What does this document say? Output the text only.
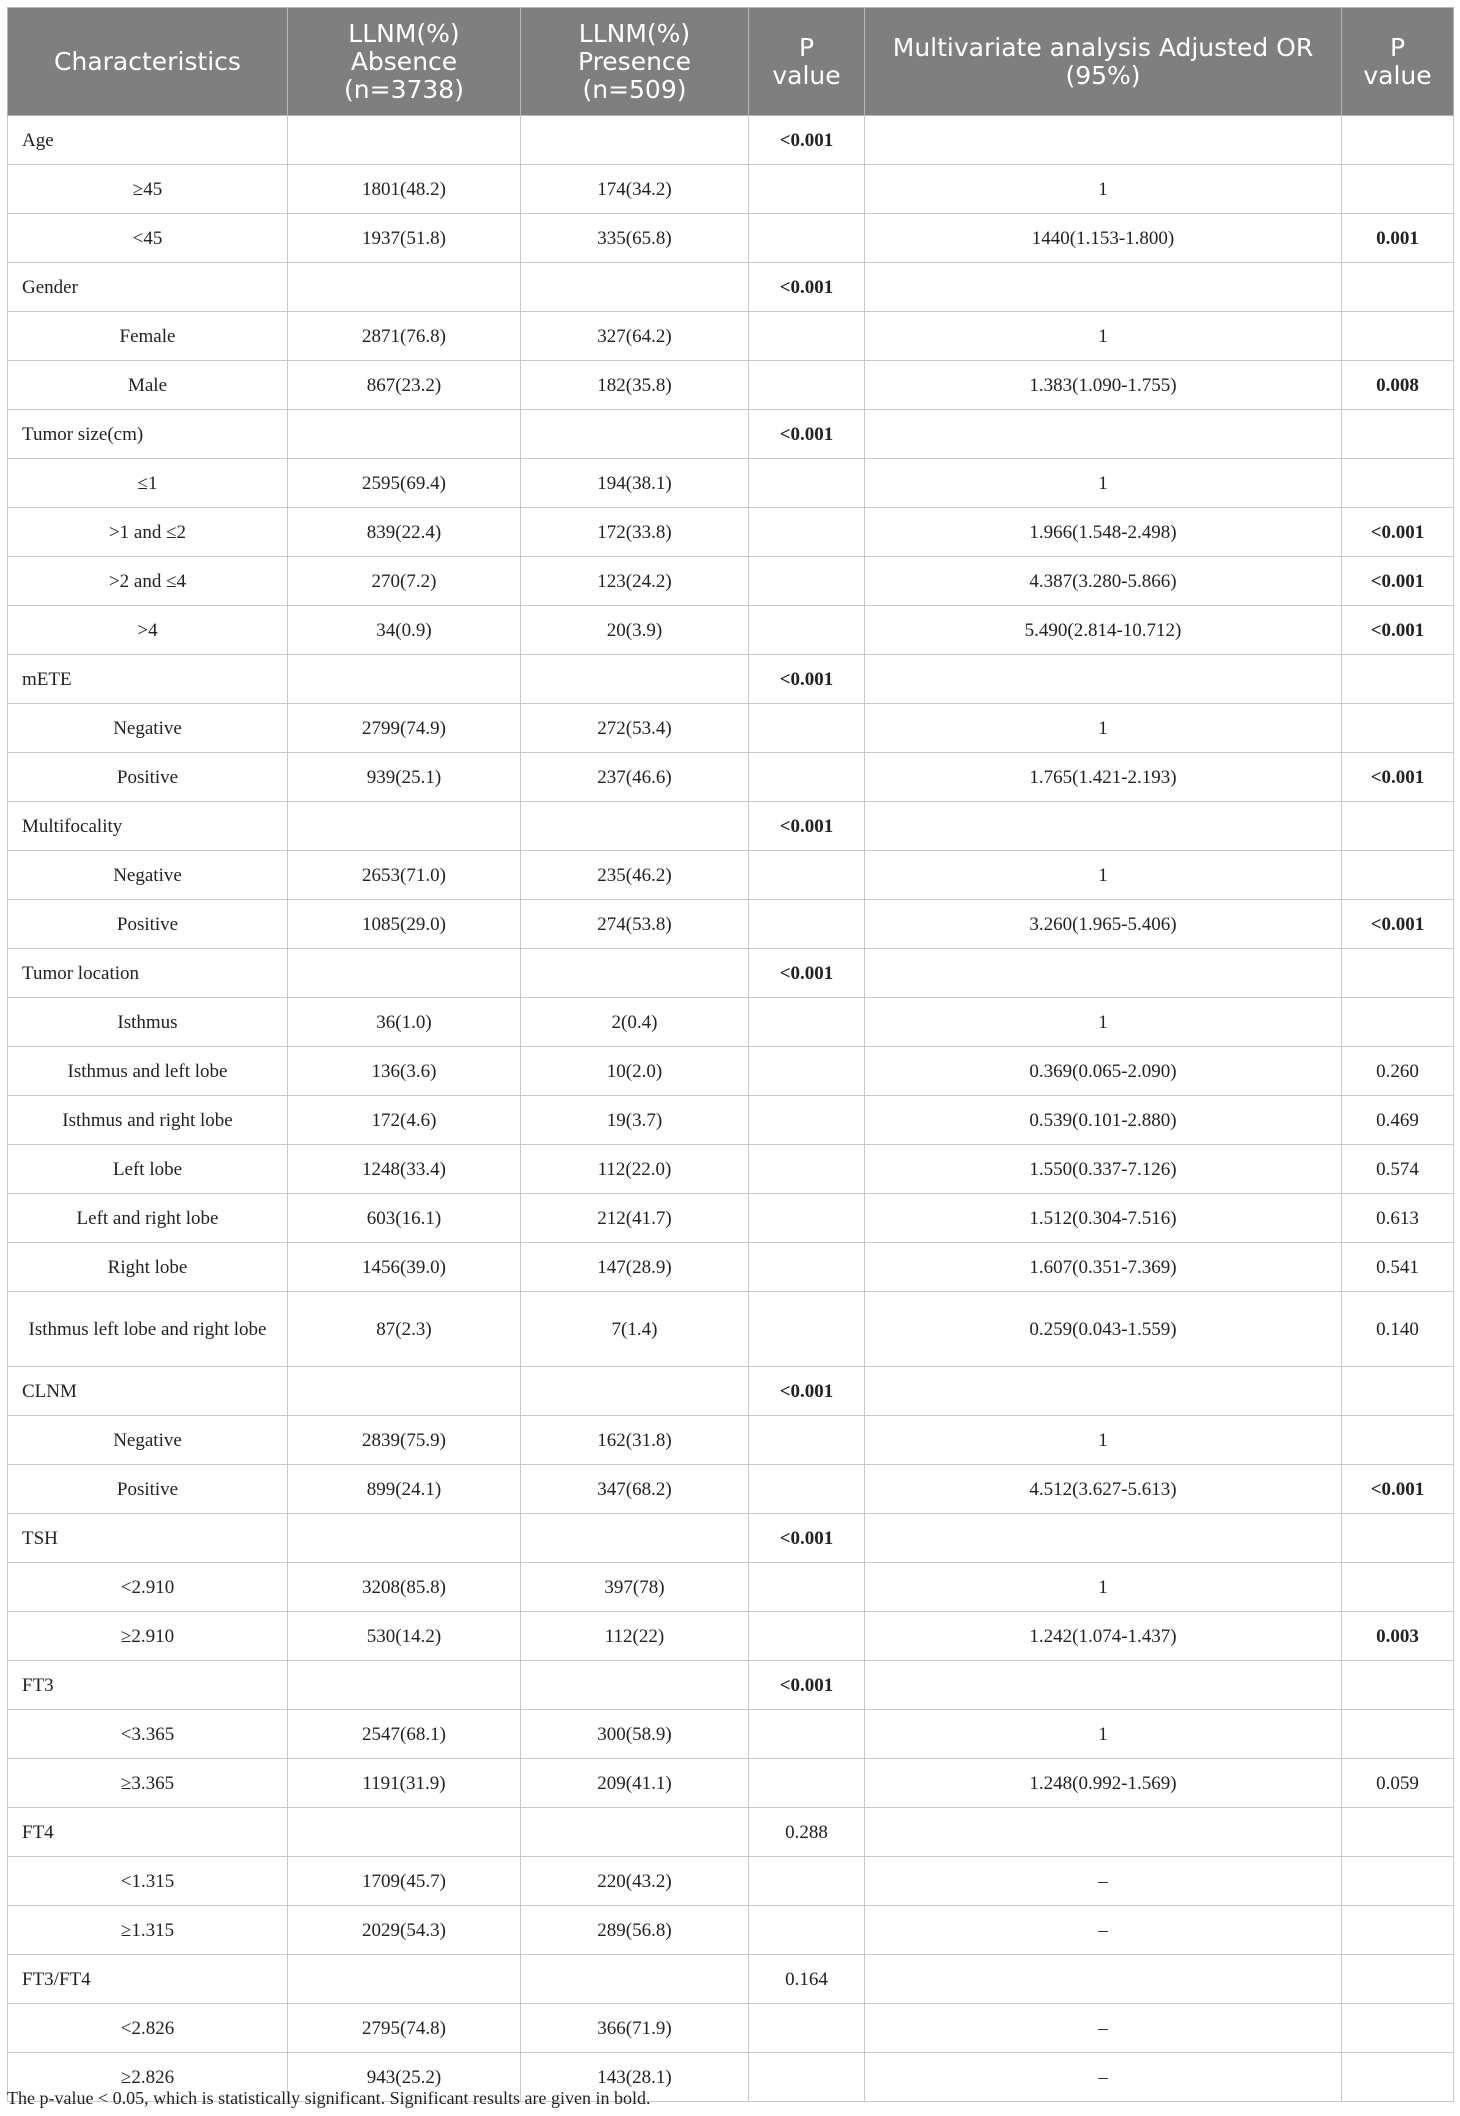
Characteristics	LLNM(%)
Absence
(n=3738)	LLNM(%)
Presence
(n=509)	P
value	Multivariate analysis Adjusted OR
(95%)	P
value
Age			<0.001		
≥45	1801(48.2)	174(34.2)		1	
<45	1937(51.8)	335(65.8)		1440(1.153-1.800)	0.001
Gender			<0.001		
Female	2871(76.8)	327(64.2)		1	
Male	867(23.2)	182(35.8)		1.383(1.090-1.755)	0.008
Tumor size(cm)			<0.001		
≤1	2595(69.4)	194(38.1)		1	
>1 and ≤2	839(22.4)	172(33.8)		1.966(1.548-2.498)	<0.001
>2 and ≤4	270(7.2)	123(24.2)		4.387(3.280-5.866)	<0.001
>4	34(0.9)	20(3.9)		5.490(2.814-10.712)	<0.001
mETE			<0.001		
Negative	2799(74.9)	272(53.4)		1	
Positive	939(25.1)	237(46.6)		1.765(1.421-2.193)	<0.001
Multifocality			<0.001		
Negative	2653(71.0)	235(46.2)		1	
Positive	1085(29.0)	274(53.8)		3.260(1.965-5.406)	<0.001
Tumor location			<0.001		
Isthmus	36(1.0)	2(0.4)		1	
Isthmus and left lobe	136(3.6)	10(2.0)		0.369(0.065-2.090)	0.260
Isthmus and right lobe	172(4.6)	19(3.7)		0.539(0.101-2.880)	0.469
Left lobe	1248(33.4)	112(22.0)		1.550(0.337-7.126)	0.574
Left and right lobe	603(16.1)	212(41.7)		1.512(0.304-7.516)	0.613
Right lobe	1456(39.0)	147(28.9)		1.607(0.351-7.369)	0.541
Isthmus left lobe and right lobe	87(2.3)	7(1.4)		0.259(0.043-1.559)	0.140
CLNM			<0.001		
Negative	2839(75.9)	162(31.8)		1	
Positive	899(24.1)	347(68.2)		4.512(3.627-5.613)	<0.001
TSH			<0.001		
<2.910	3208(85.8)	397(78)		1	
≥2.910	530(14.2)	112(22)		1.242(1.074-1.437)	0.003
FT3			<0.001		
<3.365	2547(68.1)	300(58.9)		1	
≥3.365	1191(31.9)	209(41.1)		1.248(0.992-1.569)	0.059
FT4			0.288		
<1.315	1709(45.7)	220(43.2)		–	
≥1.315	2029(54.3)	289(56.8)		–	
FT3/FT4			0.164		
<2.826	2795(74.8)	366(71.9)		–	
≥2.826	943(25.2)	143(28.1)		–	
The p-value < 0.05, which is statistically significant. Significant results are given in bold.
